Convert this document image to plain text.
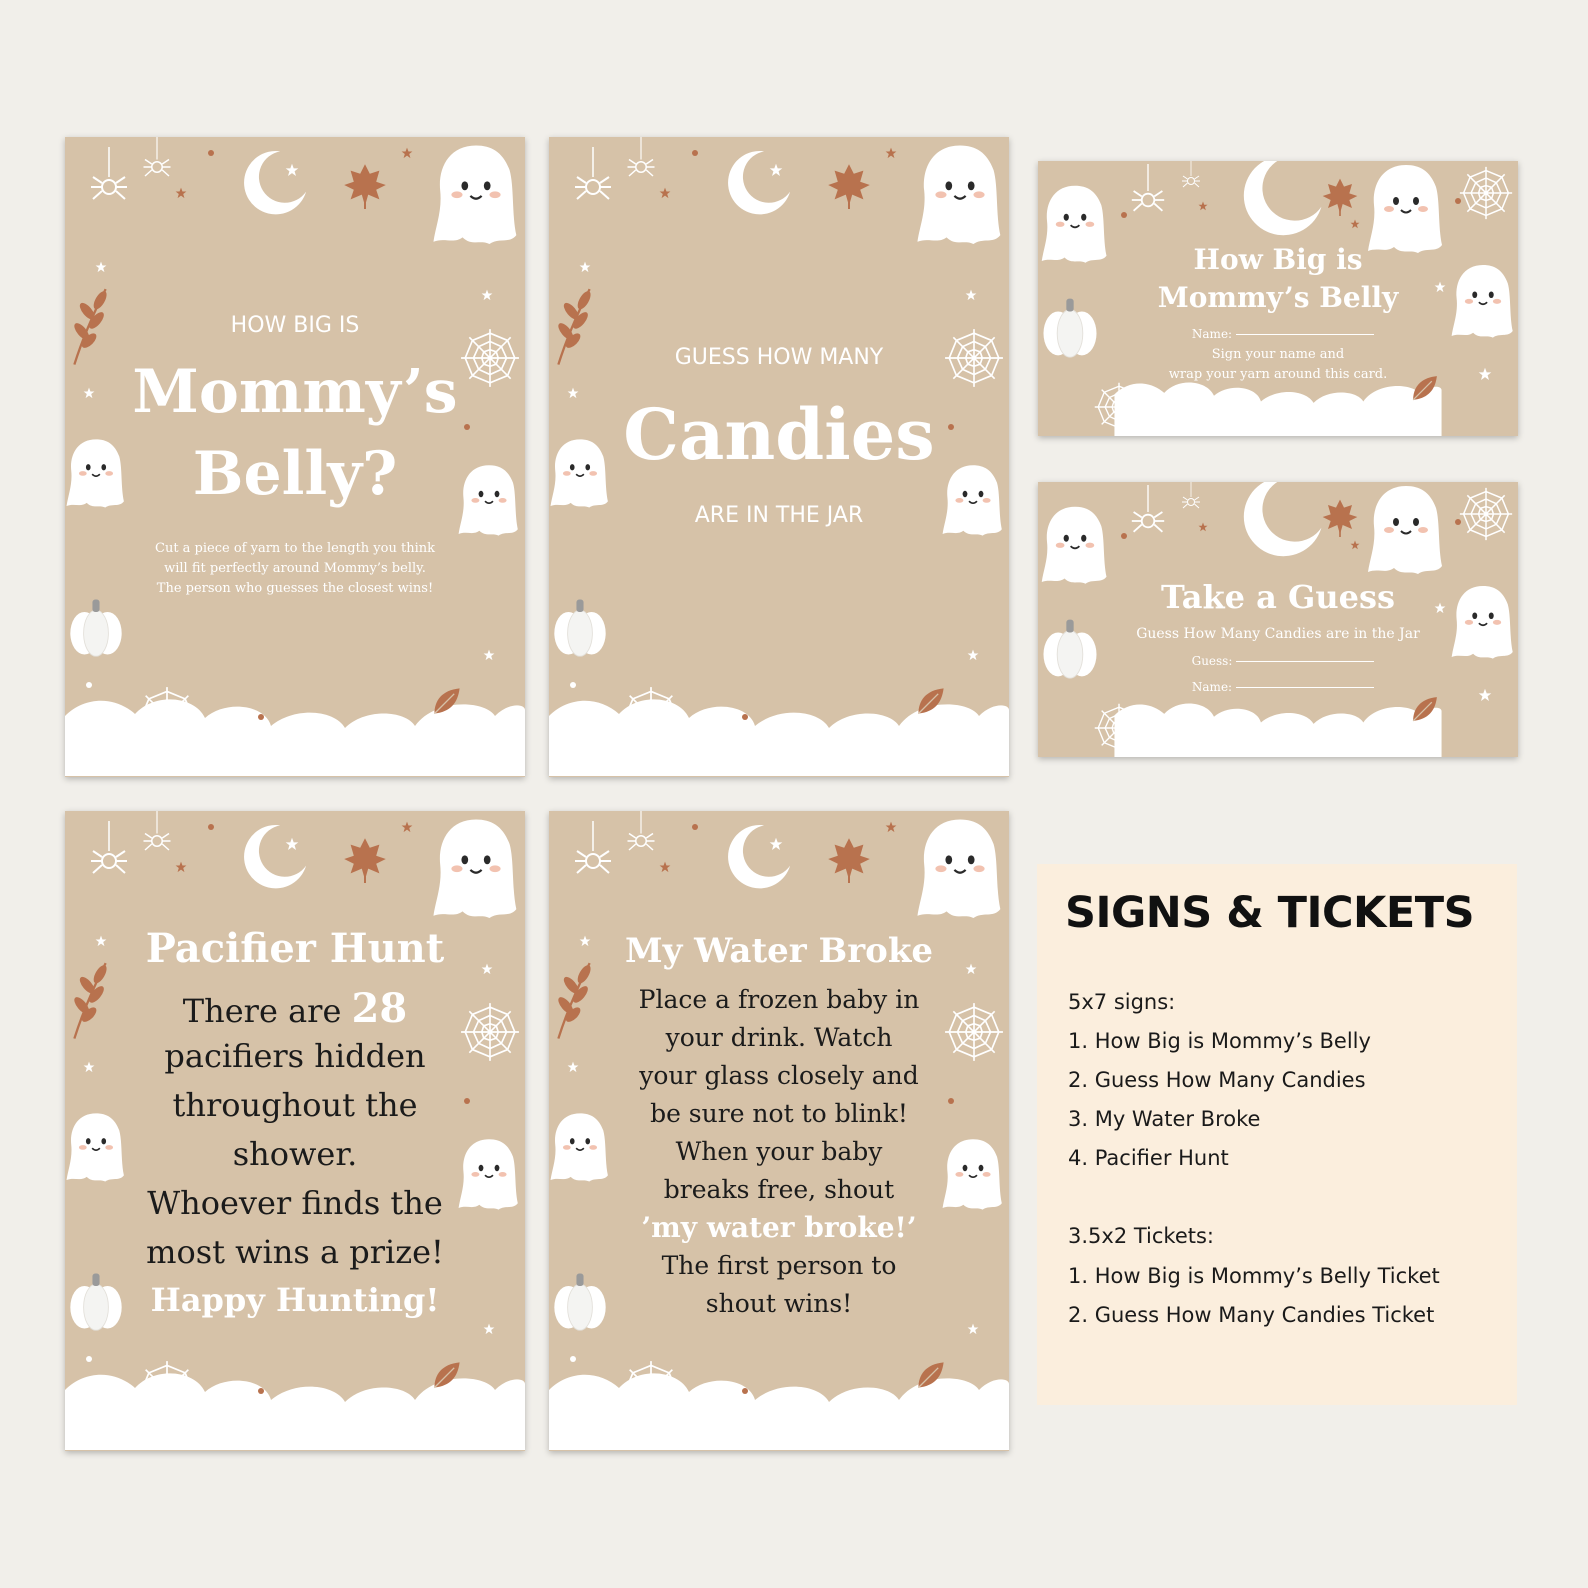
HOW BIG IS
Mommy’s
Belly?
Cut a piece of yarn to the length you think
will fit perfectly around Mommy’s belly.
The person who guesses the closest wins!
GUESS HOW MANY
Candies
ARE IN THE JAR
How Big is
Mommy’s Belly
Name:
Sign your name and
wrap your yarn around this card.
Take a Guess
Guess How Many Candies are in the Jar
Guess:
Name:
Pacifier Hunt
There are 28
pacifiers hidden
throughout the
shower.
Whoever finds the
most wins a prize!
Happy Hunting!
My Water Broke
Place a frozen baby in
your drink. Watch
your glass closely and
be sure not to blink!
When your baby
breaks free, shout
’my water broke!’
The first person to
shout wins!
SIGNS & TICKETS
5x7 signs:
1. How Big is Mommy’s Belly
2. Guess How Many Candies
3. My Water Broke
4. Pacifier Hunt
3.5x2 Tickets:
1. How Big is Mommy’s Belly Ticket
2. Guess How Many Candies Ticket
